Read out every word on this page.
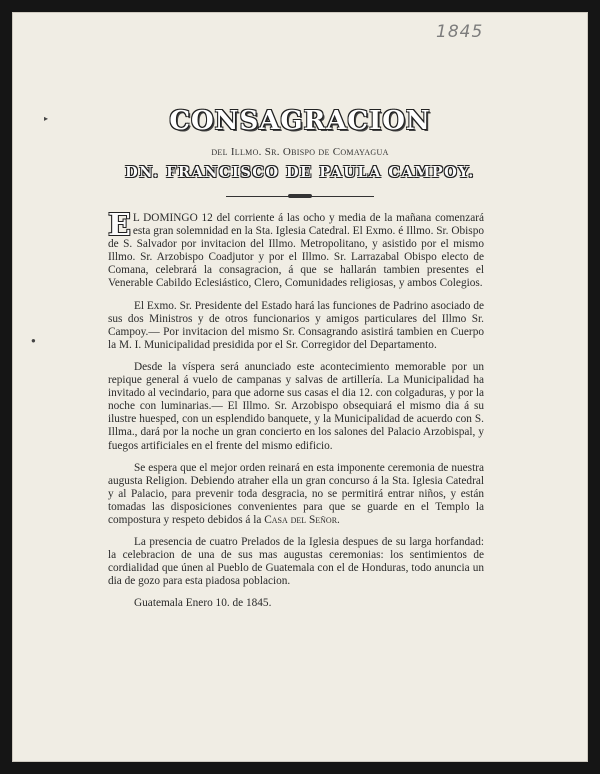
1845
▸
●
CONSAGRACION
del Illmo. Sr. Obispo de Comayagua
DN. FRANCISCO DE PAULA CAMPOY.

E L DOMINGO 12 del corriente á las ocho y media de la mañana comenzará esta gran solemnidad en la Sta. Iglesia Catedral. El Exmo. é Illmo. Sr. Obispo de S. Salvador por invitacion del Illmo. Metropolitano, y asistido por el mismo Illmo. Sr. Arzobispo Coadjutor y por el Illmo. Sr. Larrazabal Obispo electo de Comana, celebrará la consagracion, á que se hallarán tambien presentes el Venerable Cabildo Eclesiástico, Clero, Comunidades religiosas, y ambos Colegios.

El Exmo. Sr. Presidente del Estado hará las funciones de Padrino asociado de sus dos Ministros y de otros funcionarios y amigos particulares del Illmo Sr. Campoy.— Por invitacion del mismo Sr. Consagrando asistirá tambien en Cuerpo la M. I. Municipalidad presidida por el Sr. Corregidor del Departamento.

Desde la víspera será anunciado este acontecimiento memorable por un repique general á vuelo de campanas y salvas de artillería. La Municipalidad ha invitado al vecindario, para que adorne sus casas el dia 12. con colgaduras, y por la noche con luminarias.— El Illmo. Sr. Arzobispo obsequiará el mismo dia á su ilustre huesped, con un esplendido banquete, y la Municipalidad de acuerdo con S. Illma., dará por la noche un gran concierto en los salones del Palacio Arzobispal, y fuegos artificiales en el frente del mismo edificio.

Se espera que el mejor orden reinará en esta imponente ceremonia de nuestra augusta Religion. Debiendo atraher ella un gran concurso á la Sta. Iglesia Catedral y al Palacio, para prevenir toda desgracia, no se permitirá entrar niños, y están tomadas las disposiciones convenientes para que se guarde en el Templo la compostura y respeto debidos á la Casa del Señor.

La presencia de cuatro Prelados de la Iglesia despues de su larga horfandad: la celebracion de una de sus mas augustas ceremonias: los sentimientos de cordialidad que únen al Pueblo de Guatemala con el de Honduras, todo anuncia un dia de gozo para esta piadosa poblacion.

Guatemala Enero 10. de 1845.
